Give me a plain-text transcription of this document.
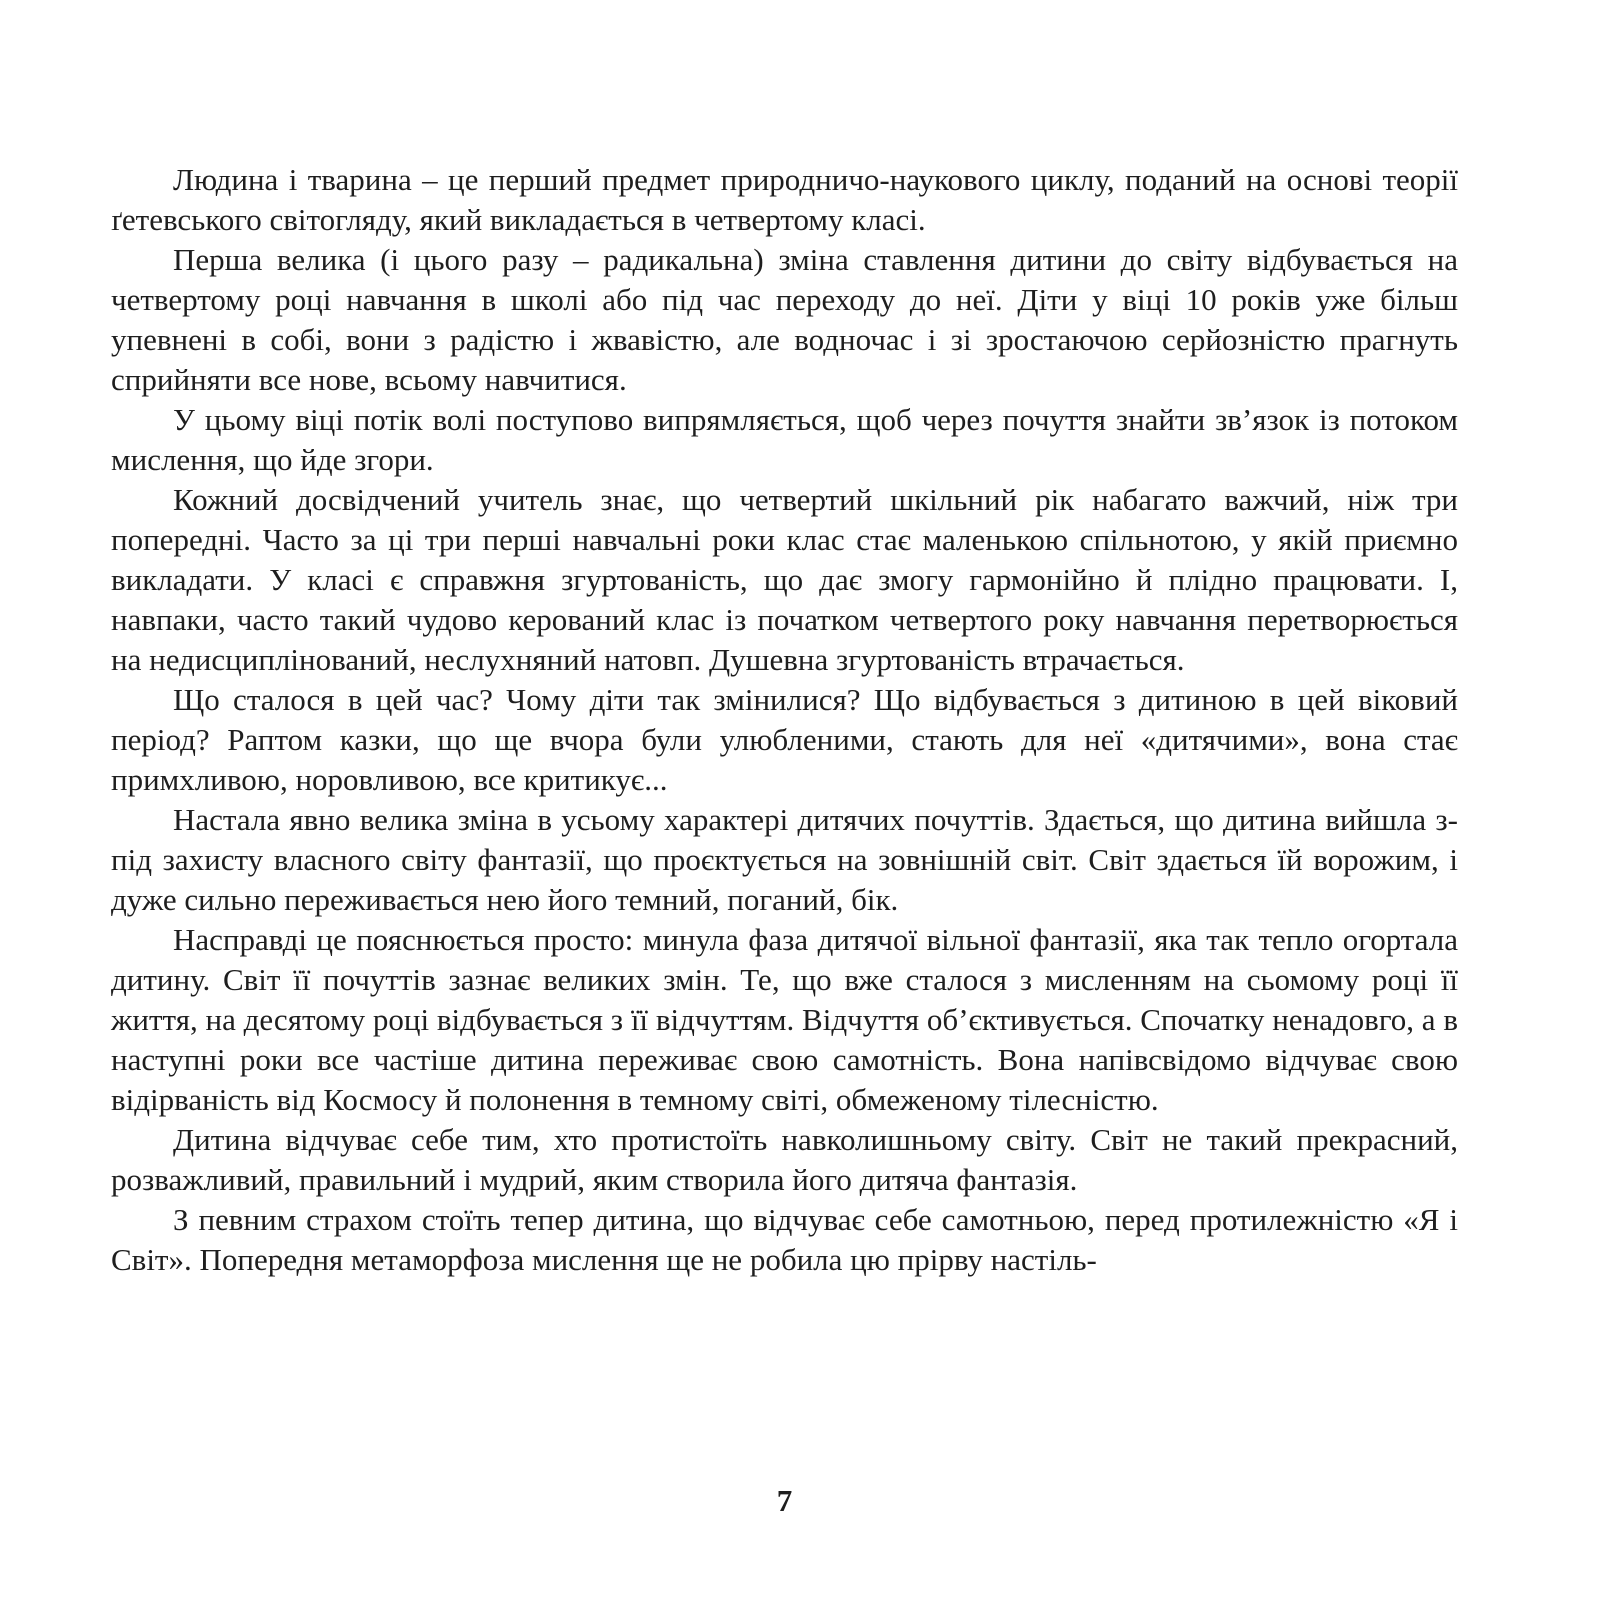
Людина і тварина – це перший предмет природничо-наукового циклу, поданий на основі теорії ґетевського світогляду, який викладається в четвертому класі.

Перша велика (і цього разу – радикальна) зміна ставлення дитини до світу відбувається на четвертому році навчання в школі або під час переходу до неї. Діти у віці 10 років уже більш упевнені в собі, вони з радістю і жвавістю, але водночас і зі зростаючою серйозністю прагнуть сприйняти все нове, всьому навчитися.

У цьому віці потік волі поступово випрямляється, щоб через почуття знайти зв’язок із потоком мислення, що йде згори.

Кожний досвідчений учитель знає, що четвертий шкільний рік набагато важчий, ніж три попередні. Часто за ці три перші навчальні роки клас стає маленькою спільнотою, у якій приємно викладати. У класі є справжня згуртованість, що дає змогу гармонійно й плідно працювати. І, навпаки, часто такий чудово керований клас із початком четвертого року навчання перетворюється на недисциплінований, неслухняний натовп. Душевна згуртованість втрачається.

Що сталося в цей час? Чому діти так змінилися? Що відбувається з дитиною в цей віковий період? Раптом казки, що ще вчора були улюбленими, стають для неї «дитячими», вона стає примхливою, норовливою, все критикує...

Настала явно велика зміна в усьому характері дитячих почуттів. Здається, що дитина вийшла з-під захисту власного світу фантазії, що проєктується на зовнішній світ. Світ здається їй ворожим, і дуже сильно переживається нею його темний, поганий, бік.

Насправді це пояснюється просто: минула фаза дитячої вільної фантазії, яка так тепло огортала дитину. Світ її почуттів зазнає великих змін. Те, що вже сталося з мисленням на сьомому році її життя, на десятому році відбувається з її відчуттям. Відчуття об’єктивується. Спочатку ненадовго, а в наступні роки все частіше дитина переживає свою самотність. Вона напівсвідомо відчуває свою відірваність від Космосу й полонення в темному світі, обмеженому тілесністю.

Дитина відчуває себе тим, хто протистоїть навколишньому світу. Світ не такий прекрасний, розважливий, правильний і мудрий, яким створила його дитяча фантазія.

З певним страхом стоїть тепер дитина, що відчуває себе самотньою, перед протилежністю «Я і Світ». Попередня метаморфоза мислення ще не робила цю прірву настіль-

7
